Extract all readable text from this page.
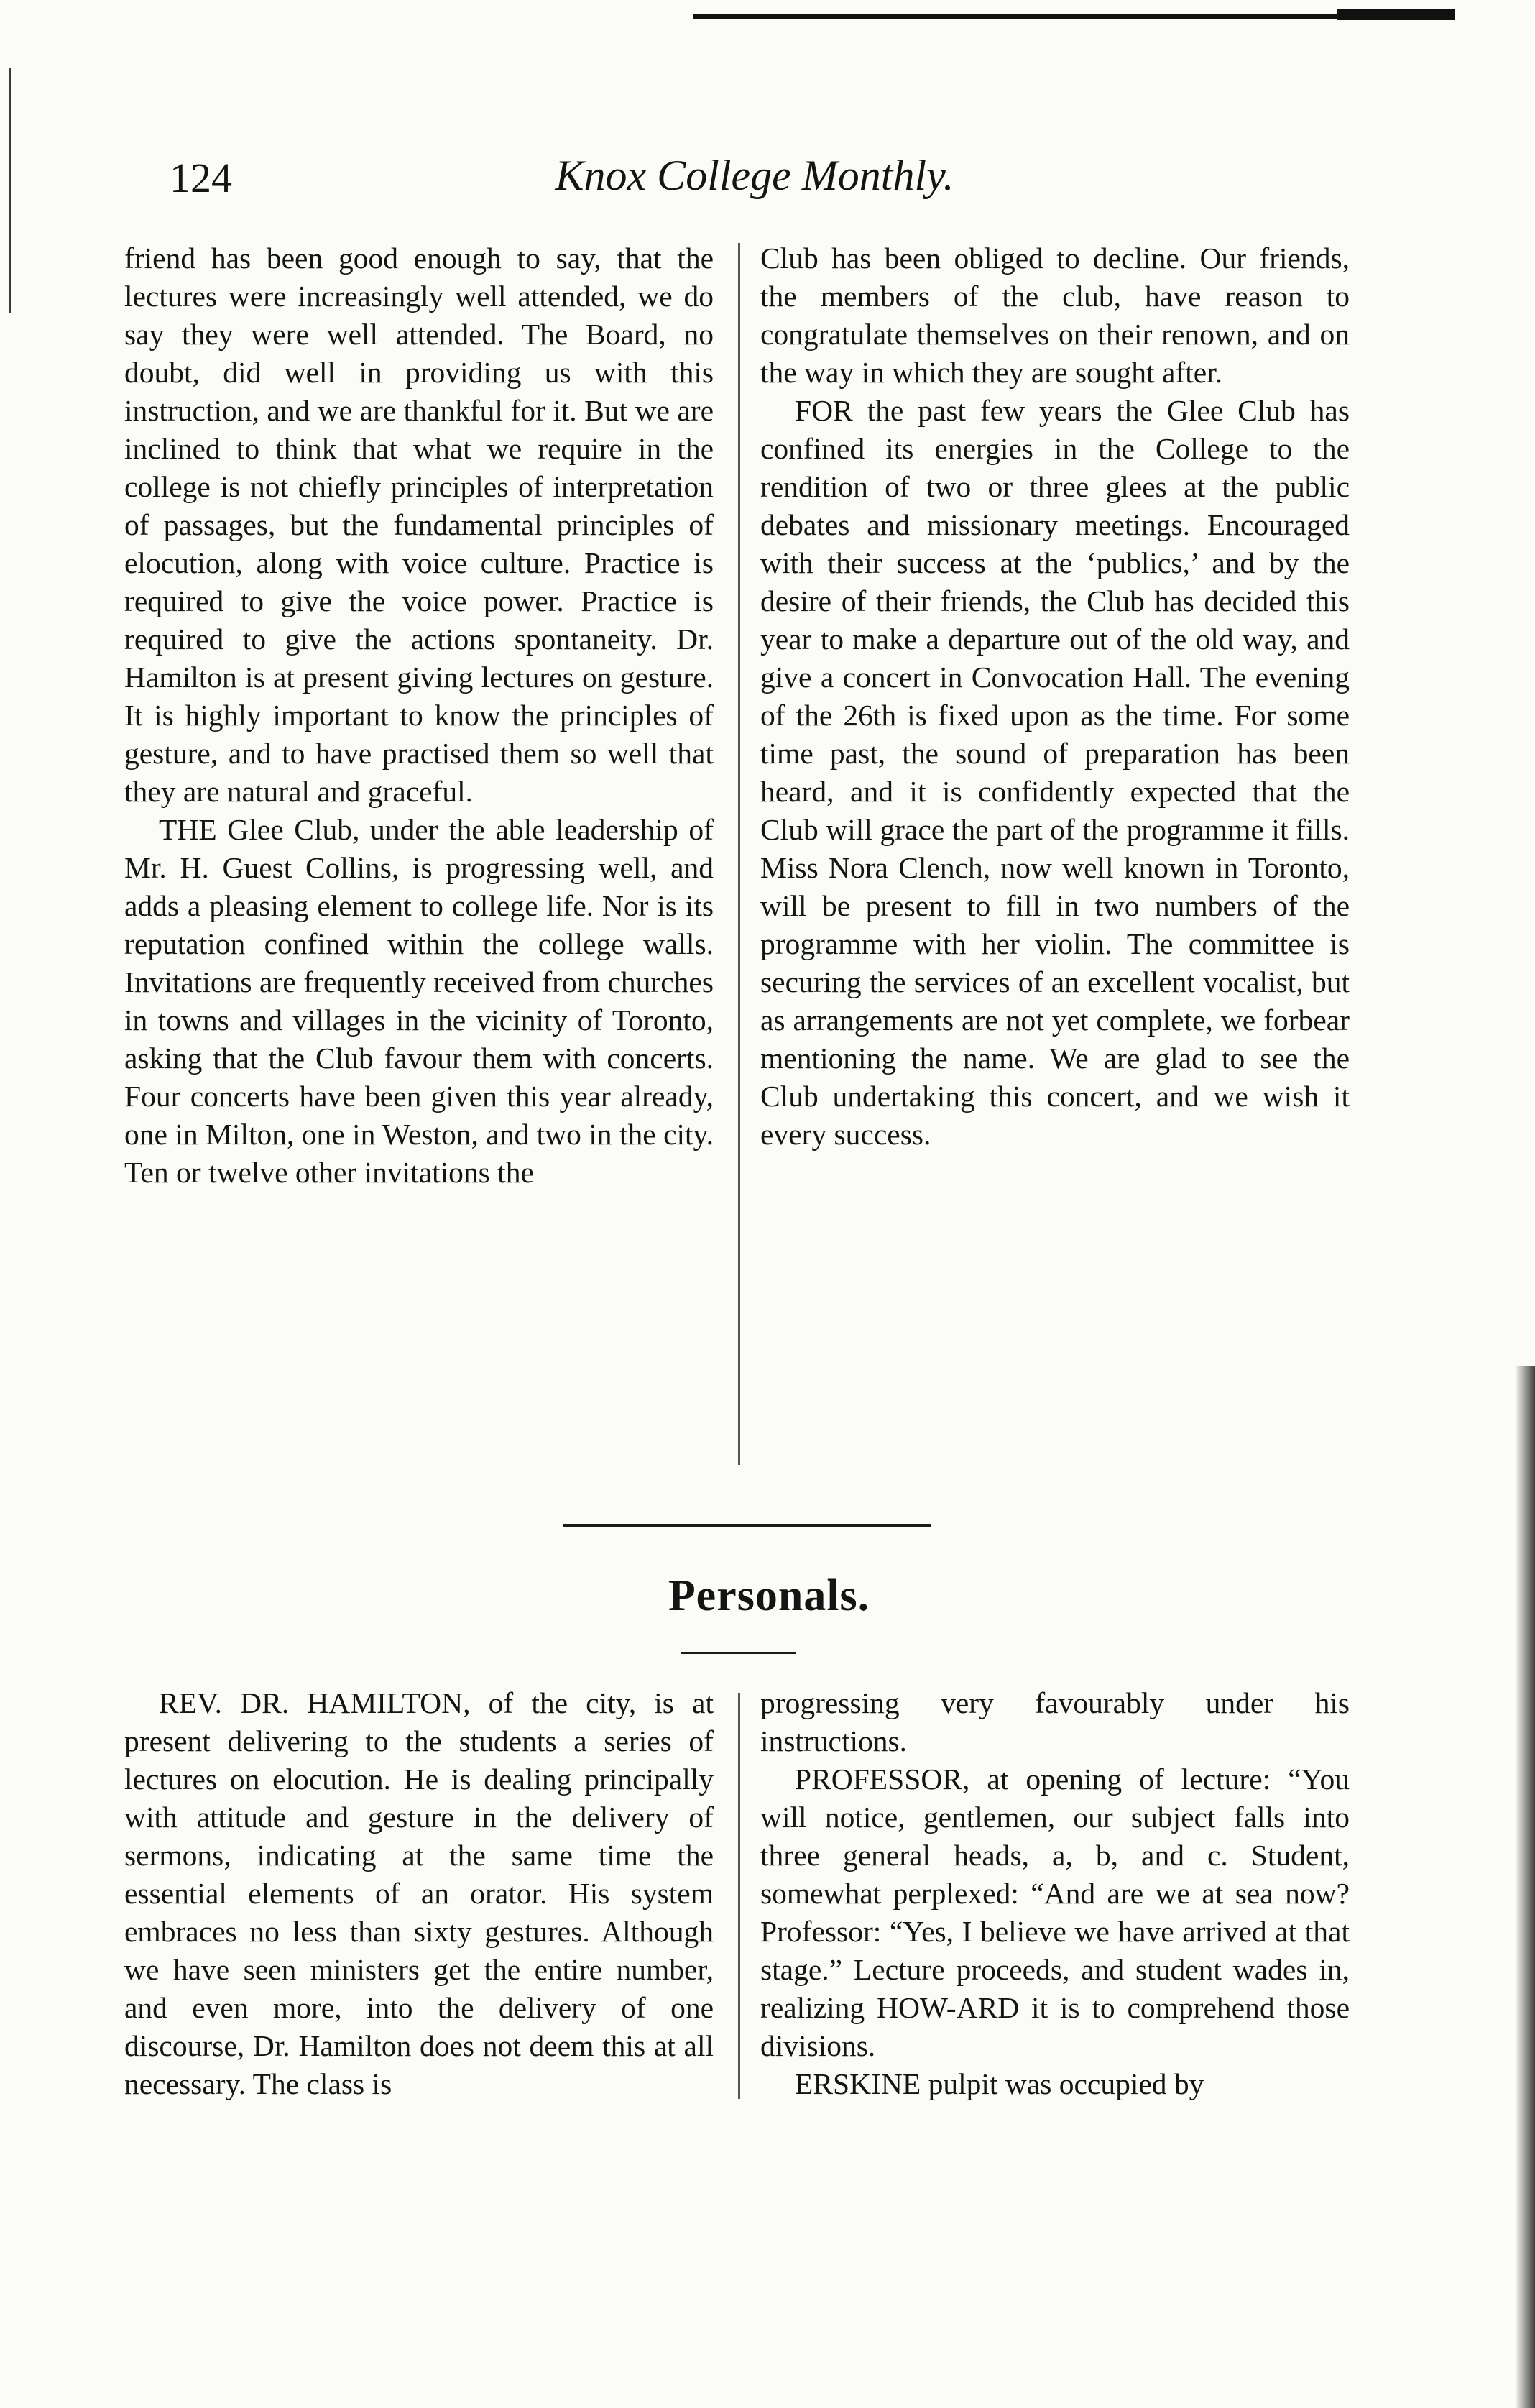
124	Knox College Monthly.

friend has been good enough to say, that the lectures were increasingly well attended, we do say they were well attended. The Board, no doubt, did well in providing us with this instruction, and we are thankful for it. But we are inclined to think that what we require in the college is not chiefly principles of interpretation of passages, but the fundamental principles of elocution, along with voice culture. Practice is required to give the voice power. Practice is required to give the actions spontaneity. Dr. Hamilton is at present giving lectures on gesture. It is highly important to know the principles of gesture, and to have practised them so well that they are natural and graceful.

THE Glee Club, under the able leadership of Mr. H. Guest Collins, is progressing well, and adds a pleasing element to college life. Nor is its reputation confined within the college walls. Invitations are frequently received from churches in towns and villages in the vicinity of Toronto, asking that the Club favour them with concerts. Four concerts have been given this year already, one in Milton, one in Weston, and two in the city. Ten or twelve other invitations the

Club has been obliged to decline. Our friends, the members of the club, have reason to congratulate themselves on their renown, and on the way in which they are sought after.

FOR the past few years the Glee Club has confined its energies in the College to the rendition of two or three glees at the public debates and missionary meetings. Encouraged with their success at the ‘publics,’ and by the desire of their friends, the Club has decided this year to make a departure out of the old way, and give a concert in Convocation Hall. The evening of the 26th is fixed upon as the time. For some time past, the sound of preparation has been heard, and it is confidently expected that the Club will grace the part of the programme it fills. Miss Nora Clench, now well known in Toronto, will be present to fill in two numbers of the programme with her violin. The committee is securing the services of an excellent vocalist, but as arrangements are not yet complete, we forbear mentioning the name. We are glad to see the Club undertaking this concert, and we wish it every success.

Personals.

REV. DR. HAMILTON, of the city, is at present delivering to the students a series of lectures on elocution. He is dealing principally with attitude and gesture in the delivery of sermons, indicating at the same time the essential elements of an orator. His system embraces no less than sixty gestures. Although we have seen ministers get the entire number, and even more, into the delivery of one discourse, Dr. Hamilton does not deem this at all necessary. The class is

progressing very favourably under his instructions.

PROFESSOR, at opening of lecture: “You will notice, gentlemen, our subject falls into three general heads, a, b, and c. Student, somewhat perplexed: “And are we at sea now? Professor: “Yes, I believe we have arrived at that stage.” Lecture proceeds, and student wades in, realizing HOW-ARD it is to comprehend those divisions.

ERSKINE pulpit was occupied by
